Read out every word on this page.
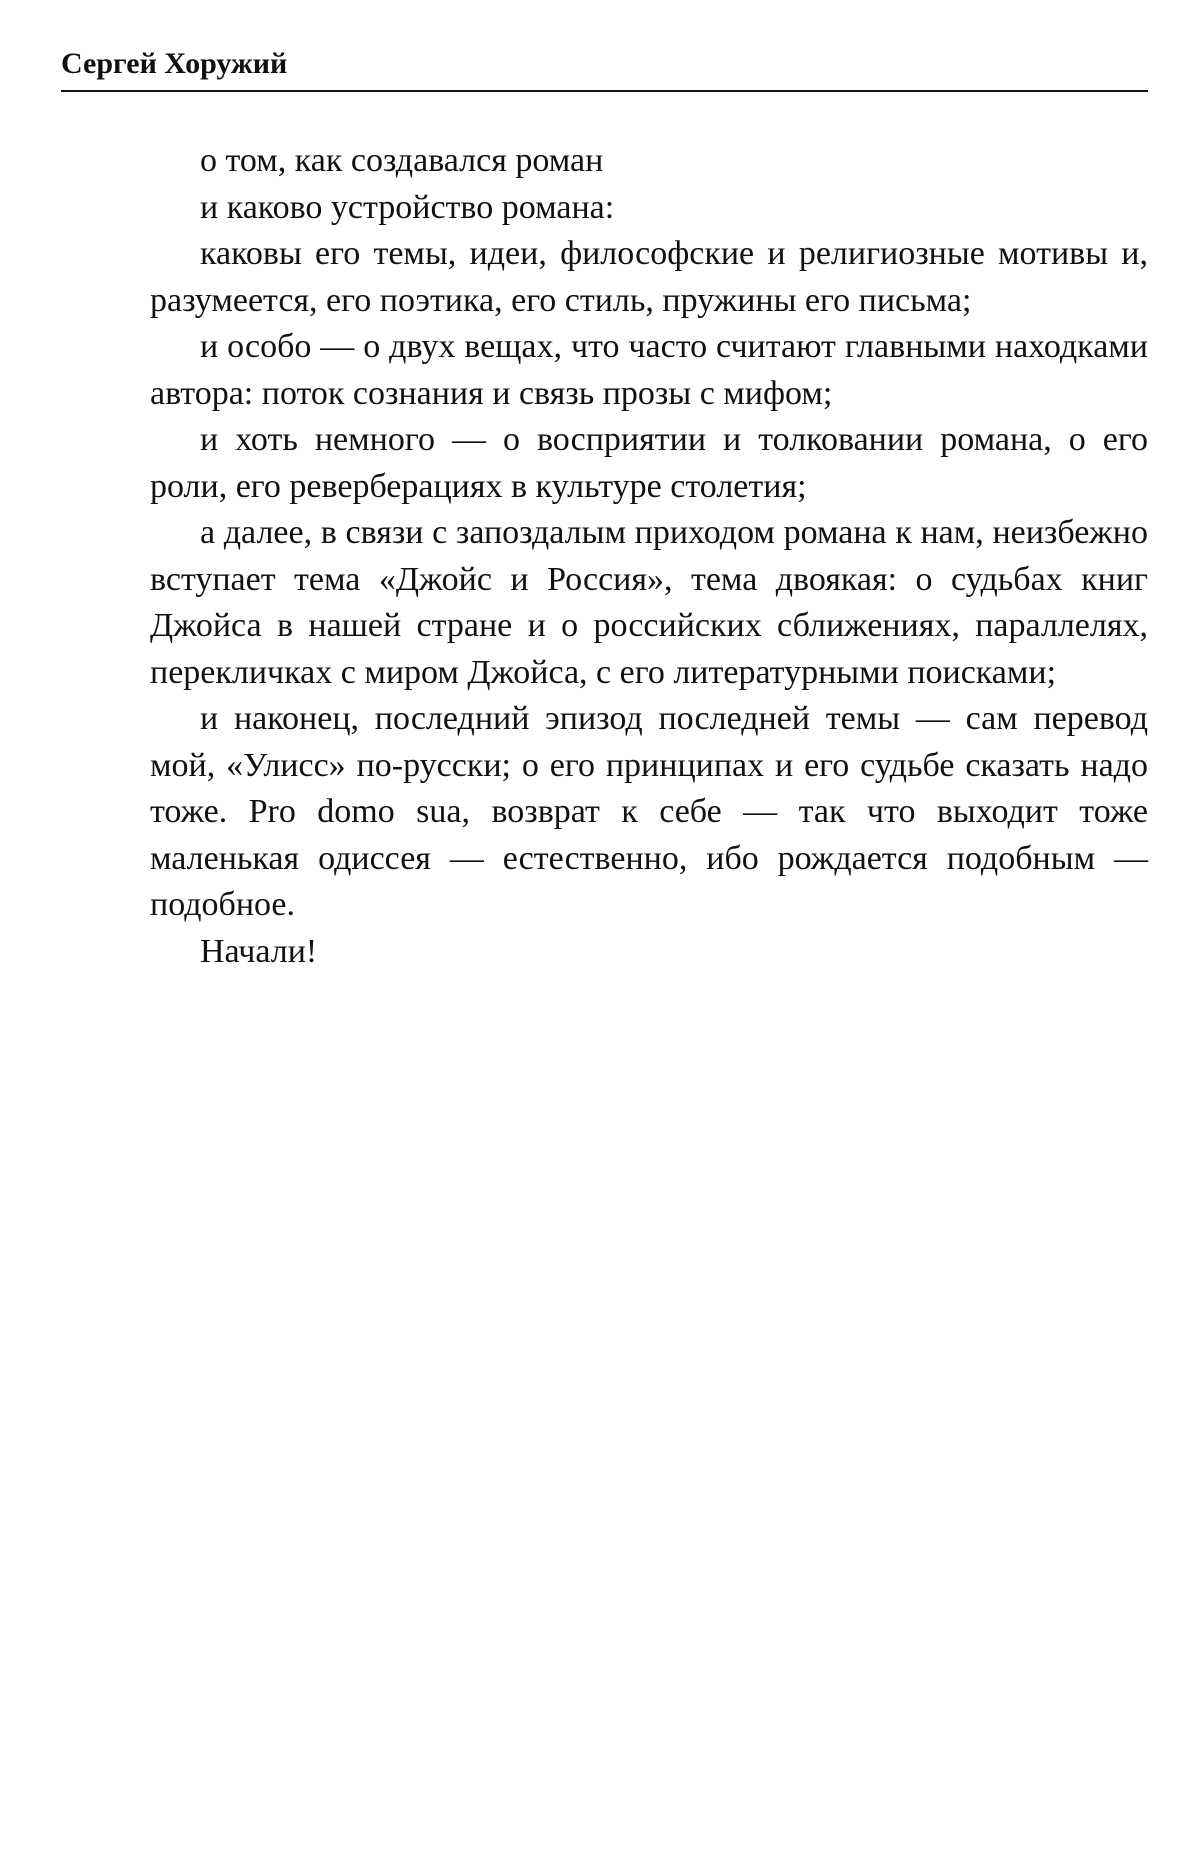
Сергей Хоружий

о том, как создавался роман

и каково устройство романа:

каковы его темы, идеи, философские и религиозные мотивы и, разумеется, его поэтика, его стиль, пружины его письма;

и особо — о двух вещах, что часто считают главными находками автора: поток сознания и связь прозы с мифом;

и хоть немного — о восприятии и толковании романа, о его роли, его реверберациях в культуре столетия;

а далее, в связи с запоздалым приходом романа к нам, неизбежно вступает тема «Джойс и Россия», тема двоякая: о судьбах книг Джойса в нашей стране и о российских сближениях, параллелях, перекличках с миром Джойса, с его литературными поисками;

и наконец, последний эпизод последней темы — сам перевод мой, «Улисс» по-русски; о его принципах и его судьбе сказать надо тоже. Pro domo sua, возврат к себе — так что выходит тоже маленькая одиссея — естественно, ибо рождается подобным — подобное.

Начали!
